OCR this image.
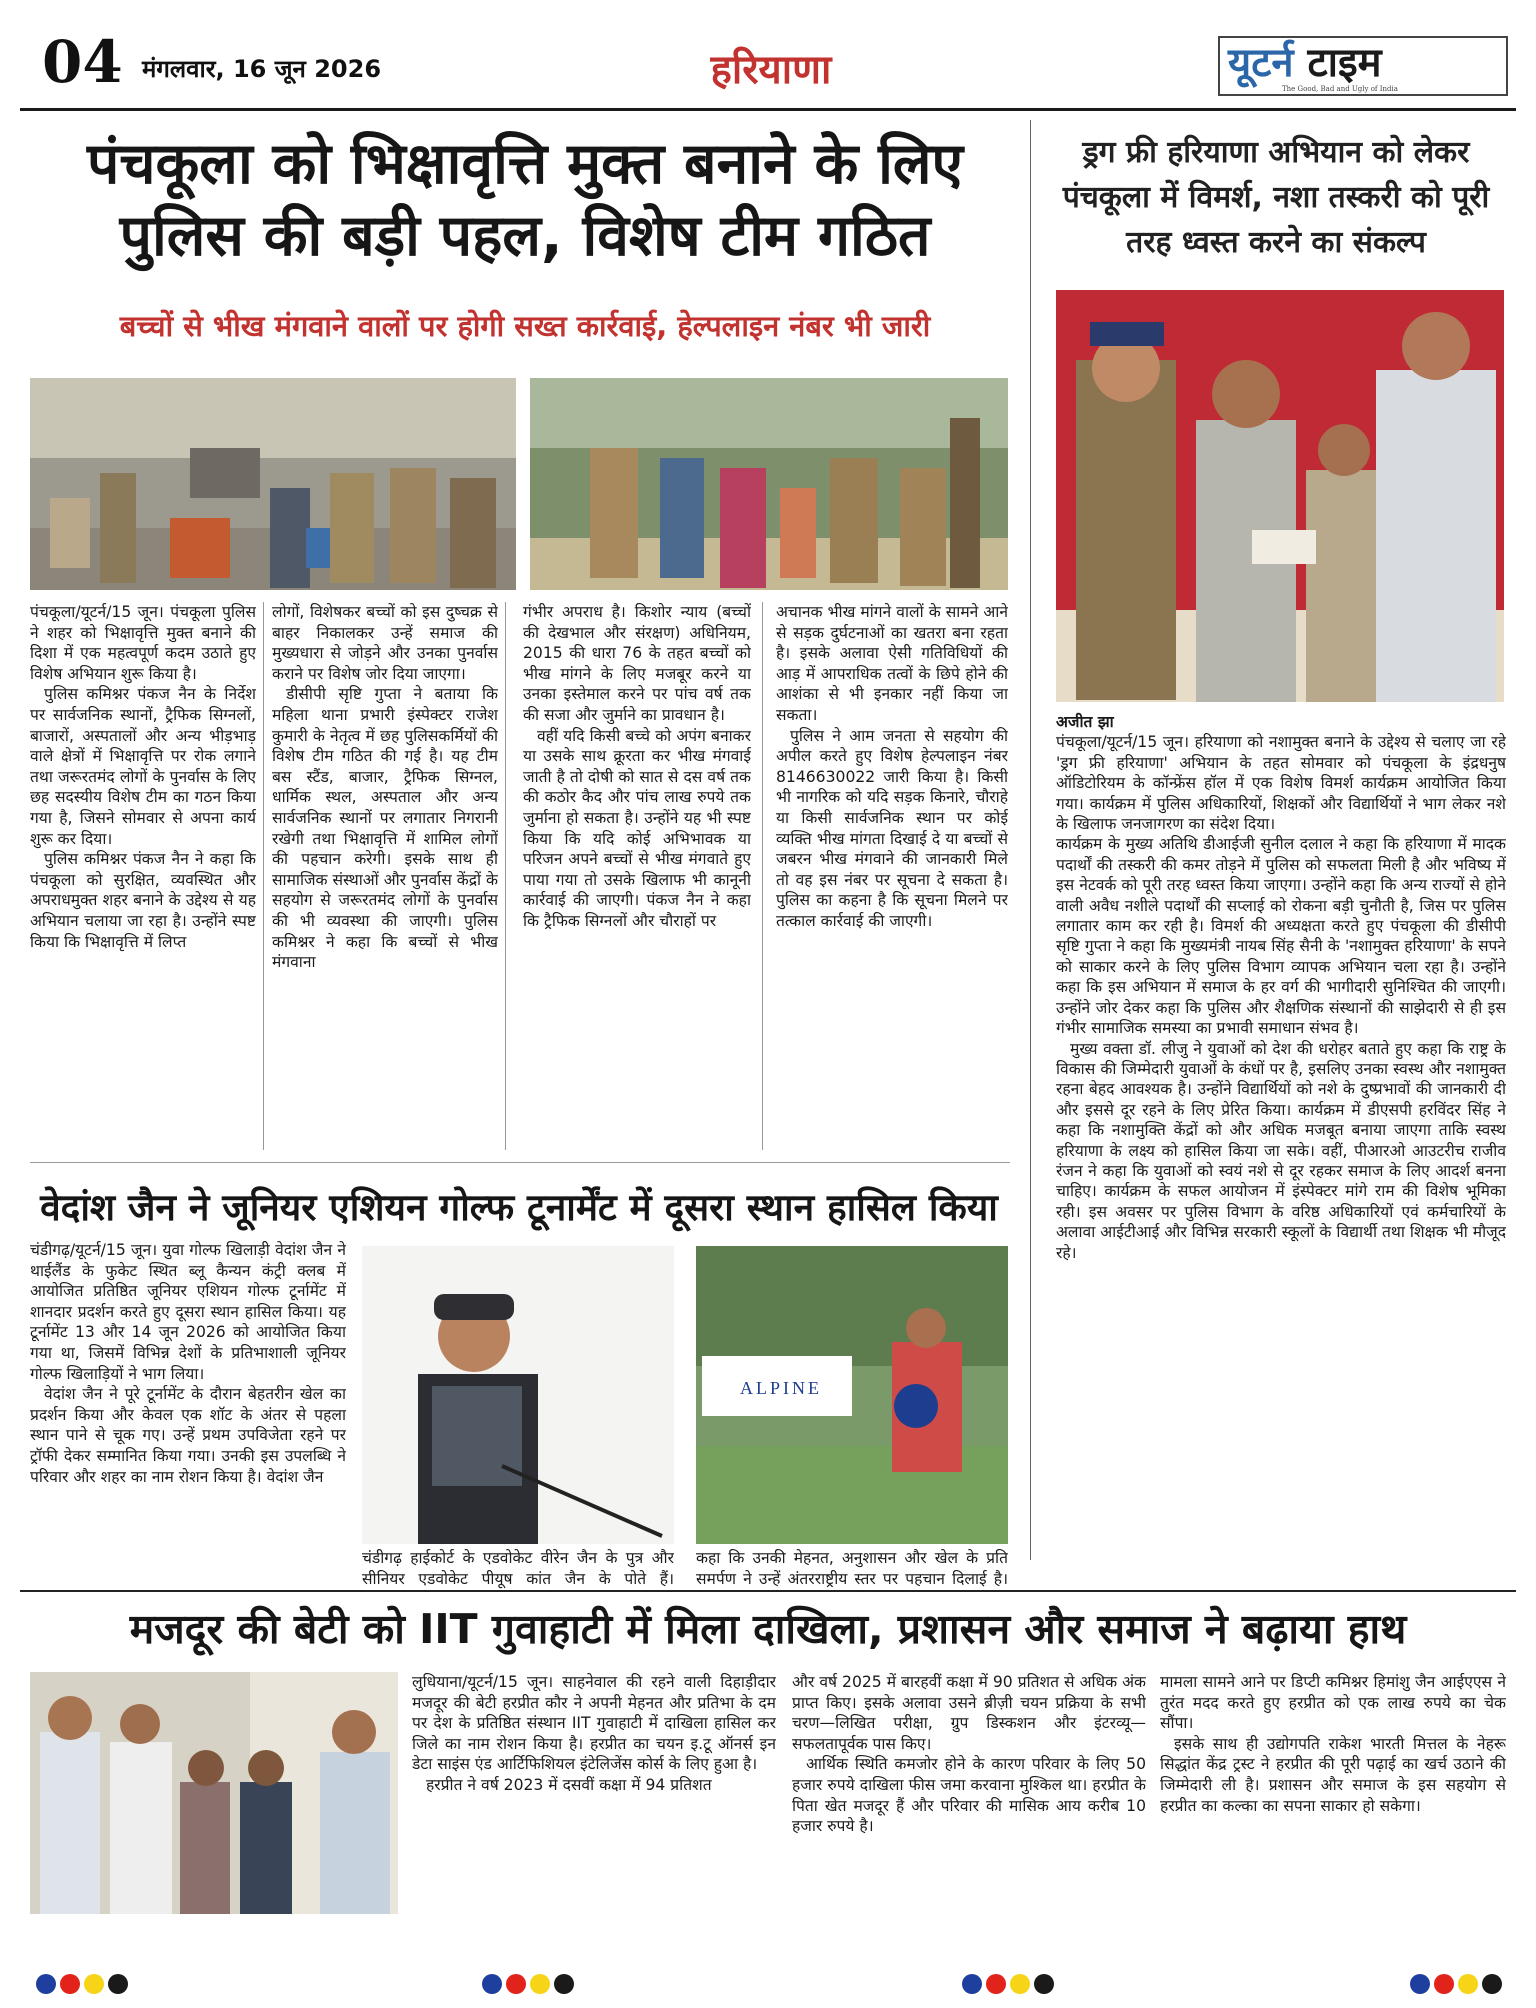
04 मंगलवार, 16 जून 2026	हरियाणा	यूटर्न टाइम
The Good, Bad and Ugly of India
पंचकूला को भिक्षावृत्ति मुक्त बनाने के लिए
पुलिस की बड़ी पहल, विशेष टीम गठित
बच्चों से भीख मंगवाने वालों पर होगी सख्त कार्रवाई, हेल्पलाइन नंबर भी जारी

पंचकूला/यूटर्न/15 जून। पंचकूला पुलिस ने शहर को भिक्षावृत्ति मुक्त बनाने की दिशा में एक महत्वपूर्ण कदम उठाते हुए विशेष अभियान शुरू किया है।

पुलिस कमिश्नर पंकज नैन के निर्देश पर सार्वजनिक स्थानों, ट्रैफिक सिग्नलों, बाजारों, अस्पतालों और अन्य भीड़भाड़ वाले क्षेत्रों में भिक्षावृत्ति पर रोक लगाने तथा जरूरतमंद लोगों के पुनर्वास के लिए छह सदस्यीय विशेष टीम का गठन किया गया है, जिसने सोमवार से अपना कार्य शुरू कर दिया।

पुलिस कमिश्नर पंकज नैन ने कहा कि पंचकूला को सुरक्षित, व्यवस्थित और अपराधमुक्त शहर बनाने के उद्देश्य से यह अभियान चलाया जा रहा है। उन्होंने स्पष्ट किया कि भिक्षावृत्ति में लिप्त

लोगों, विशेषकर बच्चों को इस दुष्चक्र से बाहर निकालकर उन्हें समाज की मुख्यधारा से जोड़ने और उनका पुनर्वास कराने पर विशेष जोर दिया जाएगा।

डीसीपी सृष्टि गुप्ता ने बताया कि महिला थाना प्रभारी इंस्पेक्टर राजेश कुमारी के नेतृत्व में छह पुलिसकर्मियों की विशेष टीम गठित की गई है। यह टीम बस स्टैंड, बाजार, ट्रैफिक सिग्नल, धार्मिक स्थल, अस्पताल और अन्य सार्वजनिक स्थानों पर लगातार निगरानी रखेगी तथा भिक्षावृत्ति में शामिल लोगों की पहचान करेगी। इसके साथ ही सामाजिक संस्थाओं और पुनर्वास केंद्रों के सहयोग से जरूरतमंद लोगों के पुनर्वास की भी व्यवस्था की जाएगी। पुलिस कमिश्नर ने कहा कि बच्चों से भीख मंगवाना

गंभीर अपराध है। किशोर न्याय (बच्चों की देखभाल और संरक्षण) अधिनियम, 2015 की धारा 76 के तहत बच्चों को भीख मांगने के लिए मजबूर करने या उनका इस्तेमाल करने पर पांच वर्ष तक की सजा और जुर्माने का प्रावधान है।

वहीं यदि किसी बच्चे को अपंग बनाकर या उसके साथ क्रूरता कर भीख मंगवाई जाती है तो दोषी को सात से दस वर्ष तक की कठोर कैद और पांच लाख रुपये तक जुर्माना हो सकता है। उन्होंने यह भी स्पष्ट किया कि यदि कोई अभिभावक या परिजन अपने बच्चों से भीख मंगवाते हुए पाया गया तो उसके खिलाफ भी कानूनी कार्रवाई की जाएगी। पंकज नैन ने कहा कि ट्रैफिक सिग्नलों और चौराहों पर

अचानक भीख मांगने वालों के सामने आने से सड़क दुर्घटनाओं का खतरा बना रहता है। इसके अलावा ऐसी गतिविधियों की आड़ में आपराधिक तत्वों के छिपे होने की आशंका से भी इनकार नहीं किया जा सकता।

पुलिस ने आम जनता से सहयोग की अपील करते हुए विशेष हेल्पलाइन नंबर 8146630022 जारी किया है। किसी भी नागरिक को यदि सड़क किनारे, चौराहे या किसी सार्वजनिक स्थान पर कोई व्यक्ति भीख मांगता दिखाई दे या बच्चों से जबरन भीख मंगवाने की जानकारी मिले तो वह इस नंबर पर सूचना दे सकता है। पुलिस का कहना है कि सूचना मिलने पर तत्काल कार्रवाई की जाएगी।

ड्रग फ्री हरियाणा अभियान को लेकर पंचकूला में विमर्श, नशा तस्करी को पूरी तरह ध्वस्त करने का संकल्प

अजीत झा

पंचकूला/यूटर्न/15 जून। हरियाणा को नशामुक्त बनाने के उद्देश्य से चलाए जा रहे 'ड्रग फ्री हरियाणा' अभियान के तहत सोमवार को पंचकूला के इंद्रधनुष ऑडिटोरियम के कॉन्फ्रेंस हॉल में एक विशेष विमर्श कार्यक्रम आयोजित किया गया। कार्यक्रम में पुलिस अधिकारियों, शिक्षकों और विद्यार्थियों ने भाग लेकर नशे के खिलाफ जनजागरण का संदेश दिया।

कार्यक्रम के मुख्य अतिथि डीआईजी सुनील दलाल ने कहा कि हरियाणा में मादक पदार्थों की तस्करी की कमर तोड़ने में पुलिस को सफलता मिली है और भविष्य में इस नेटवर्क को पूरी तरह ध्वस्त किया जाएगा। उन्होंने कहा कि अन्य राज्यों से होने वाली अवैध नशीले पदार्थों की सप्लाई को रोकना बड़ी चुनौती है, जिस पर पुलिस लगातार काम कर रही है। विमर्श की अध्यक्षता करते हुए पंचकूला की डीसीपी सृष्टि गुप्ता ने कहा कि मुख्यमंत्री नायब सिंह सैनी के 'नशामुक्त हरियाणा' के सपने को साकार करने के लिए पुलिस विभाग व्यापक अभियान चला रहा है। उन्होंने कहा कि इस अभियान में समाज के हर वर्ग की भागीदारी सुनिश्चित की जाएगी। उन्होंने जोर देकर कहा कि पुलिस और शैक्षणिक संस्थानों की साझेदारी से ही इस गंभीर सामाजिक समस्या का प्रभावी समाधान संभव है।

मुख्य वक्ता डॉ. लीजु ने युवाओं को देश की धरोहर बताते हुए कहा कि राष्ट्र के विकास की जिम्मेदारी युवाओं के कंधों पर है, इसलिए उनका स्वस्थ और नशामुक्त रहना बेहद आवश्यक है। उन्होंने विद्यार्थियों को नशे के दुष्प्रभावों की जानकारी दी और इससे दूर रहने के लिए प्रेरित किया। कार्यक्रम में डीएसपी हरविंदर सिंह ने कहा कि नशामुक्ति केंद्रों को और अधिक मजबूत बनाया जाएगा ताकि स्वस्थ हरियाणा के लक्ष्य को हासिल किया जा सके। वहीं, पीआरओ आउटरीच राजीव रंजन ने कहा कि युवाओं को स्वयं नशे से दूर रहकर समाज के लिए आदर्श बनना चाहिए। कार्यक्रम के सफल आयोजन में इंस्पेक्टर मांगे राम की विशेष भूमिका रही। इस अवसर पर पुलिस विभाग के वरिष्ठ अधिकारियों एवं कर्मचारियों के अलावा आईटीआई और विभिन्न सरकारी स्कूलों के विद्यार्थी तथा शिक्षक भी मौजूद रहे।

वेदांश जैन ने जूनियर एशियन गोल्फ टूनार्मेंट में दूसरा स्थान हासिल किया

चंडीगढ़/यूटर्न/15 जून। युवा गोल्फ खिलाड़ी वेदांश जैन ने थाईलैंड के फुकेट स्थित ब्लू कैन्यन कंट्री क्लब में आयोजित प्रतिष्ठित जूनियर एशियन गोल्फ टूर्नामेंट में शानदार प्रदर्शन करते हुए दूसरा स्थान हासिल किया। यह टूर्नामेंट 13 और 14 जून 2026 को आयोजित किया गया था, जिसमें विभिन्न देशों के प्रतिभाशाली जूनियर गोल्फ खिलाड़ियों ने भाग लिया।

वेदांश जैन ने पूरे टूर्नामेंट के दौरान बेहतरीन खेल का प्रदर्शन किया और केवल एक शॉट के अंतर से पहला स्थान पाने से चूक गए। उन्हें प्रथम उपविजेता रहने पर ट्रॉफी देकर सम्मानित किया गया। उनकी इस उपलब्धि ने परिवार और शहर का नाम रोशन किया है। वेदांश जैन

चंडीगढ़ हाईकोर्ट के एडवोकेट वीरेन जैन के पुत्र और सीनियर एडवोकेट पीयूष कांत जैन के पोते हैं।
ALPINE
कहा कि उनकी मेहनत, अनुशासन और खेल के प्रति समर्पण ने उन्हें अंतरराष्ट्रीय स्तर पर पहचान दिलाई है।
मजदूर की बेटी को IIT गुवाहाटी में मिला दाखिला, प्रशासन और समाज ने बढ़ाया हाथ

लुधियाना/यूटर्न/15 जून। साहनेवाल की रहने वाली दिहाड़ीदार मजदूर की बेटी हरप्रीत कौर ने अपनी मेहनत और प्रतिभा के दम पर देश के प्रतिष्ठित संस्थान IIT गुवाहाटी में दाखिला हासिल कर जिले का नाम रोशन किया है। हरप्रीत का चयन इ.टू ऑनर्स इन डेटा साइंस एंड आर्टिफिशियल इंटेलिजेंस कोर्स के लिए हुआ है।

हरप्रीत ने वर्ष 2023 में दसवीं कक्षा में 94 प्रतिशत

और वर्ष 2025 में बारहवीं कक्षा में 90 प्रतिशत से अधिक अंक प्राप्त किए। इसके अलावा उसने ब्रीज़ी चयन प्रक्रिया के सभी चरण—लिखित परीक्षा, ग्रुप डिस्कशन और इंटरव्यू—सफलतापूर्वक पास किए।

आर्थिक स्थिति कमजोर होने के कारण परिवार के लिए 50 हजार रुपये दाखिला फीस जमा करवाना मुश्किल था। हरप्रीत के पिता खेत मजदूर हैं और परिवार की मासिक आय करीब 10 हजार रुपये है।

मामला सामने आने पर डिप्टी कमिश्नर हिमांशु जैन आईएएस ने तुरंत मदद करते हुए हरप्रीत को एक लाख रुपये का चेक सौंपा।

इसके साथ ही उद्योगपति राकेश भारती मित्तल के नेहरू सिद्धांत केंद्र ट्रस्ट ने हरप्रीत की पूरी पढ़ाई का खर्च उठाने की जिम्मेदारी ली है। प्रशासन और समाज के इस सहयोग से हरप्रीत का कल्का का सपना साकार हो सकेगा।
